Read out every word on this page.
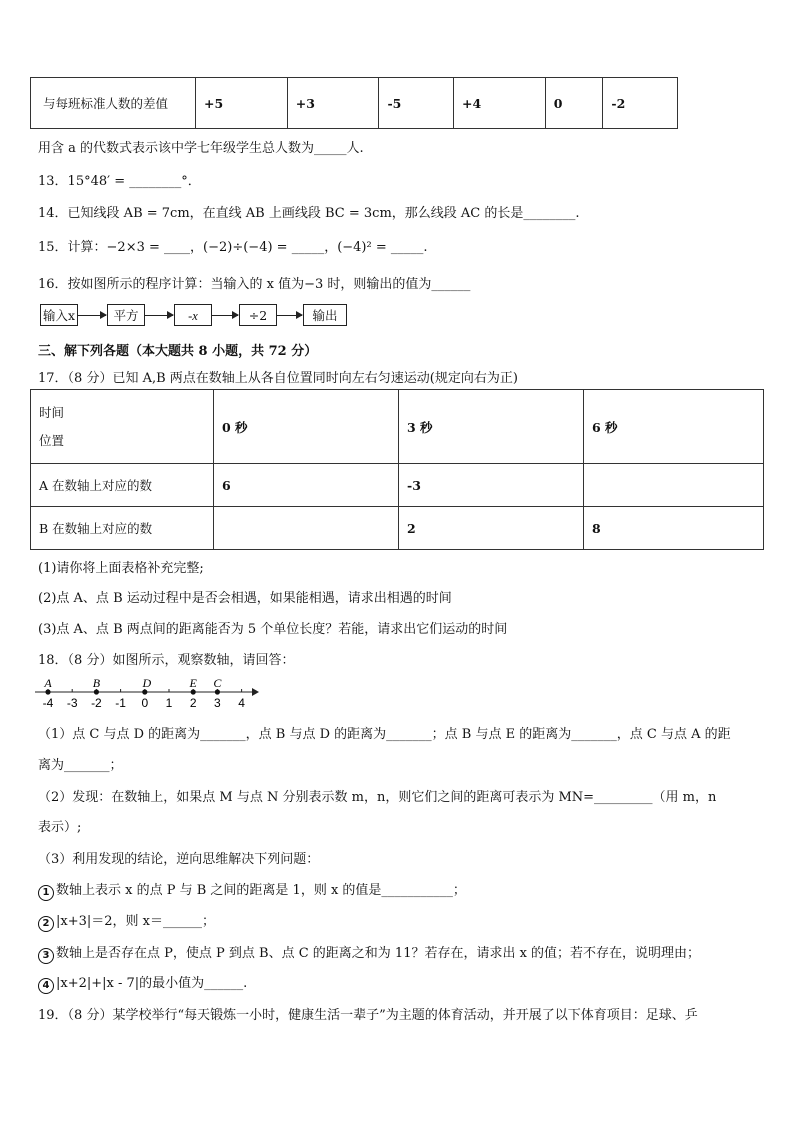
与每班标准人数的差值	+5	+3	-5	+4	0	-2
用含 a 的代数式表示该中学七年级学生总人数为_____人.
13．15°48′ = ________°．
14．已知线段 AB = 7cm，在直线 AB 上画线段 BC = 3cm，那么线段 AC 的长是________.
15．计算：−2×3 = ____，(−2)÷(−4) = _____，(−4)² = _____.
16．按如图所示的程序计算：当输入的 x 值为−3 时，则输出的值为______
输入x	平方	-x	÷2	输出
三、解下列各题（本大题共 8 小题，共 72 分）
17．（8 分）已知 A,B 两点在数轴上从各自位置同时向左右匀速运动(规定向右为正)
时间
位置	0 秒	3 秒	6 秒
A 在数轴上对应的数	6	-3	
B 在数轴上对应的数		2	8
(1)请你将上面表格补充完整;
(2)点 A、点 B 运动过程中是否会相遇，如果能相遇，请求出相遇的时间
(3)点 A、点 B 两点间的距离能否为 5 个单位长度？若能，请求出它们运动的时间
18．（8 分）如图所示，观察数轴，请回答：
-4 -3 -2 -1 0 1 2 3 4
A	B	D	E C
（1）点 C 与点 D 的距离为_______，点 B 与点 D 的距离为_______；点 B 与点 E 的距离为_______，点 C 与点 A 的距
离为_______；
（2）发现：在数轴上，如果点 M 与点 N 分别表示数 m，n，则它们之间的距离可表示为 MN=_________（用 m，n
表示）;
（3）利用发现的结论，逆向思维解决下列问题：
1 数轴上表示 x 的点 P 与 B 之间的距离是 1，则 x 的值是___________；
2 |x+3|＝2，则 x＝______；
3 数轴上是否存在点 P，使点 P 到点 B、点 C 的距离之和为 11？若存在，请求出 x 的值；若不存在，说明理由；
4 |x+2|+|x - 7|的最小值为______.
19．（8 分）某学校举行“每天锻炼一小时，健康生活一辈子”为主题的体育活动，并开展了以下体育项目：足球、乒
